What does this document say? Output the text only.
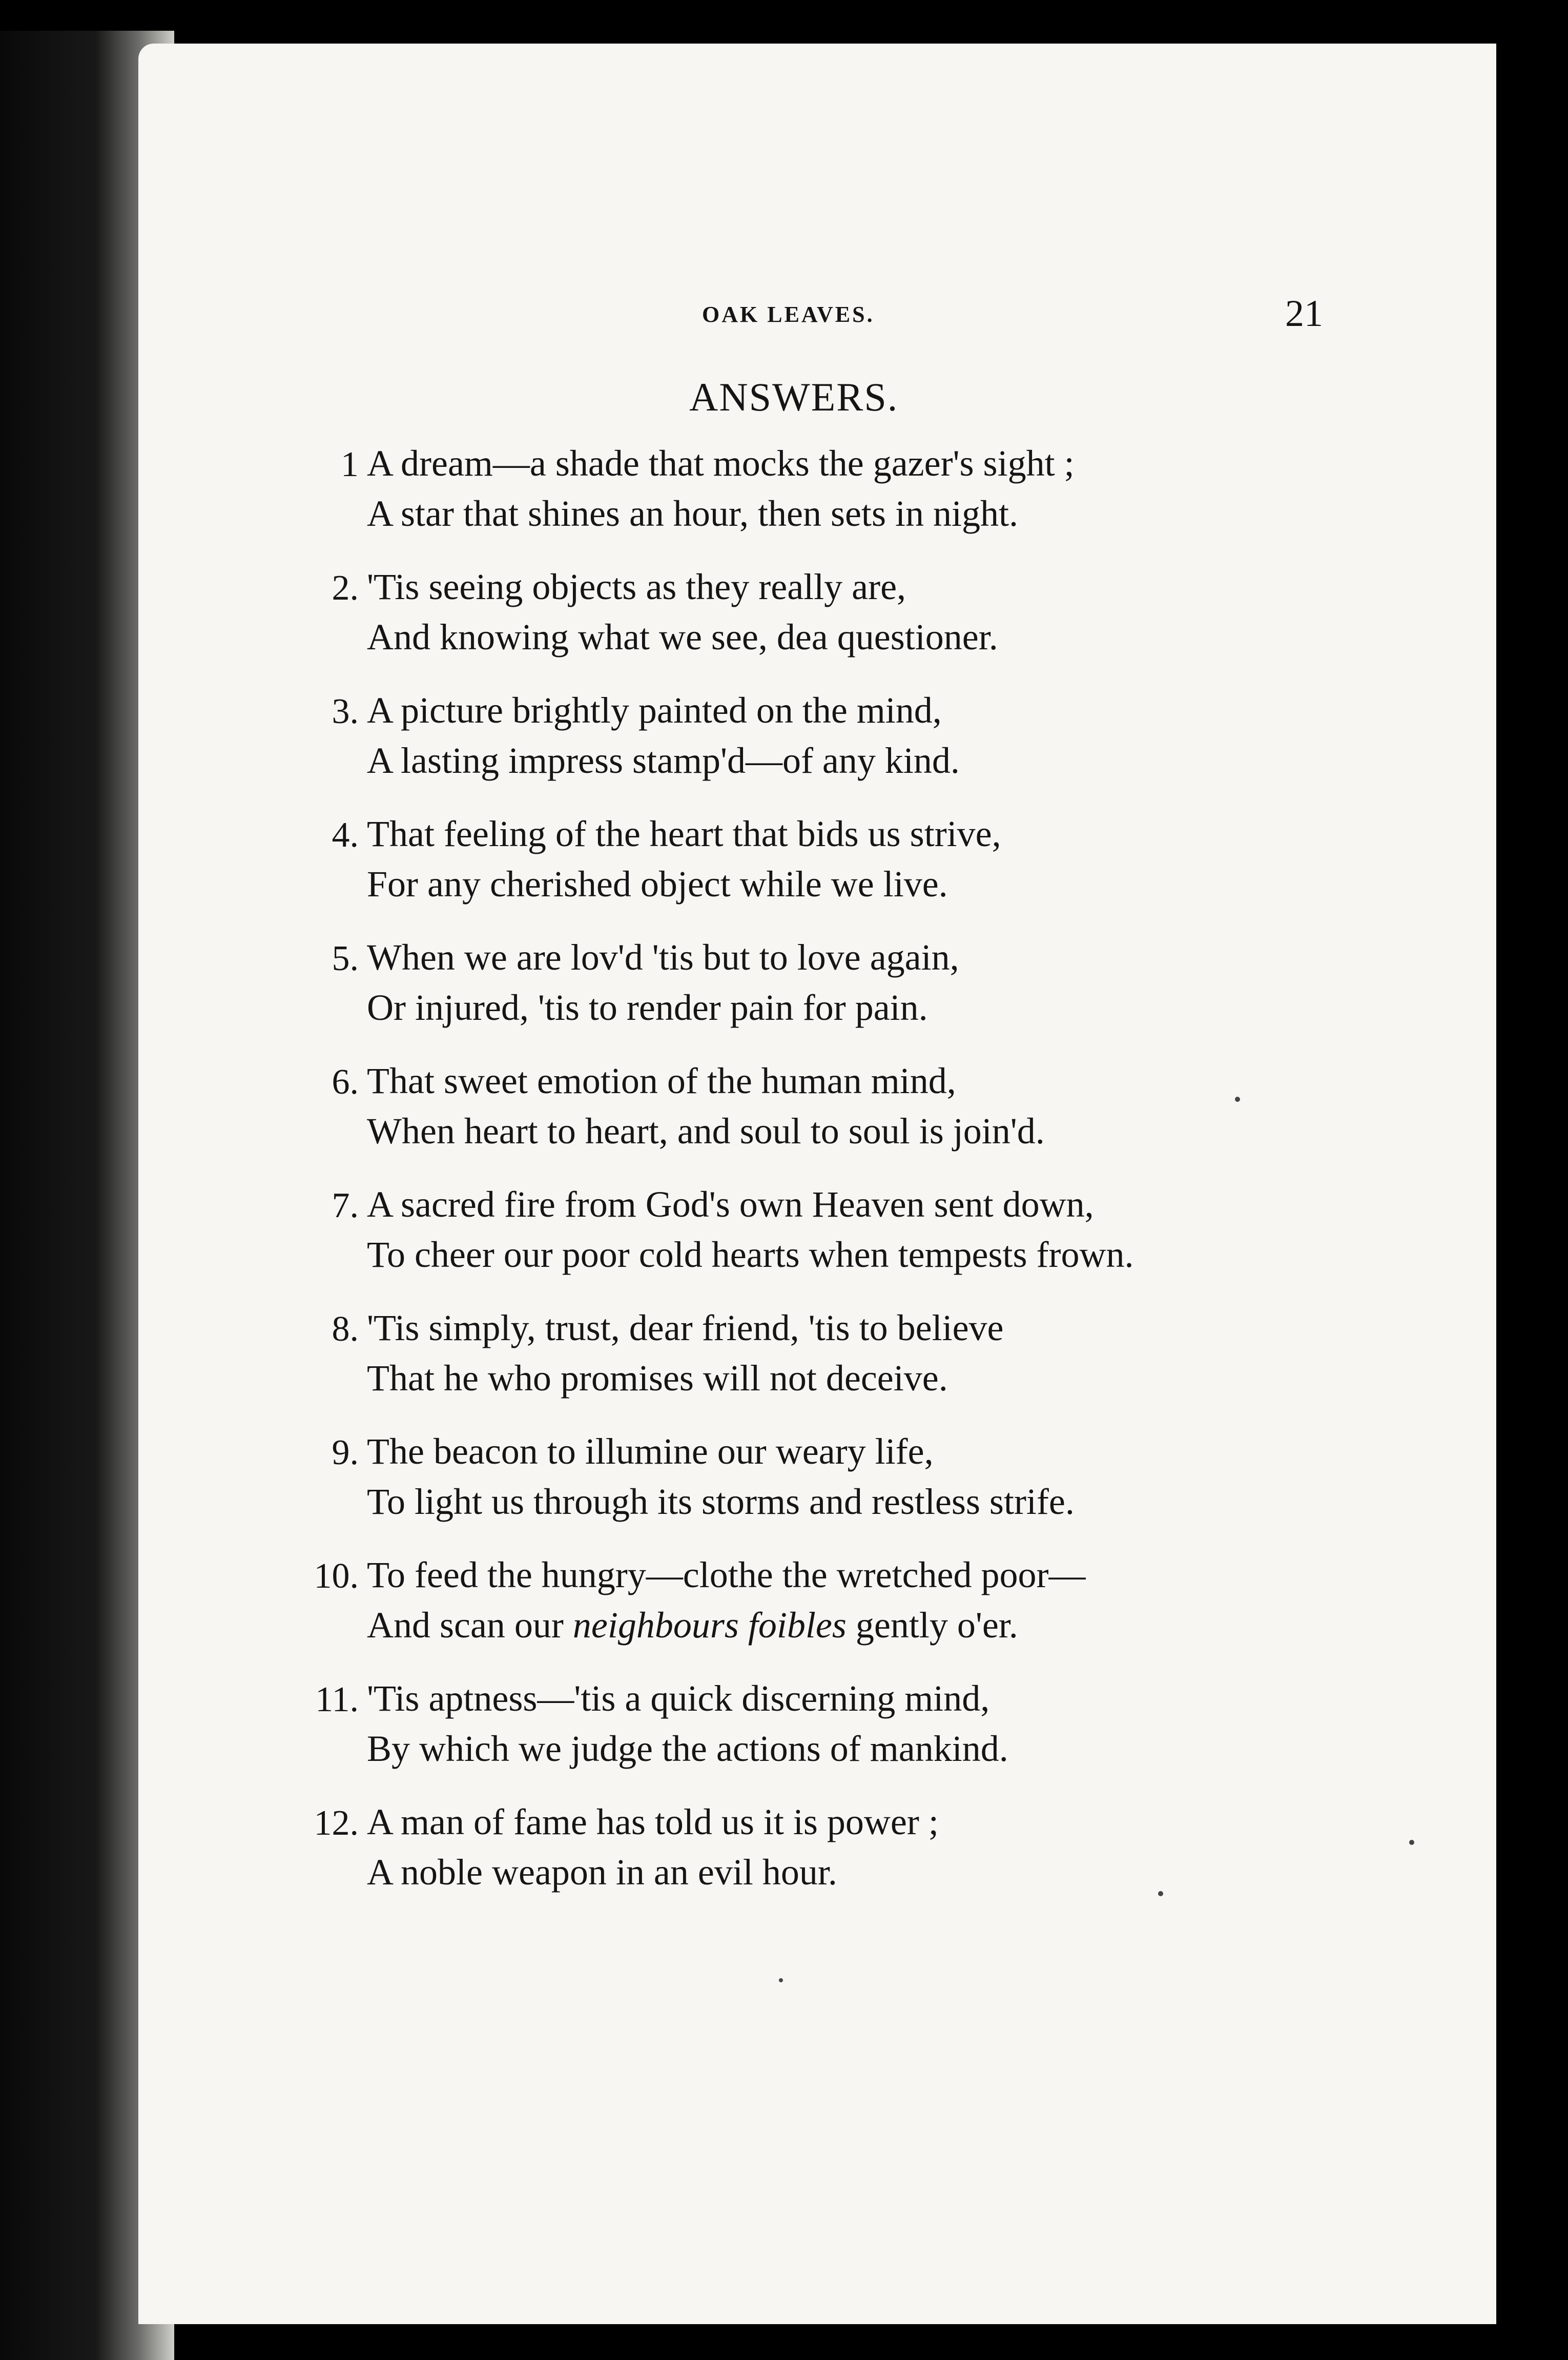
OAK LEAVES.	21
ANSWERS.
1 A dream—a shade that mocks the gazer's sight ;
A star that shines an hour, then sets in night.
2. 'Tis seeing objects as they really are,
And knowing what we see, dea questioner.
3. A picture brightly painted on the mind,
A lasting impress stamp'd—of any kind.
4. That feeling of the heart that bids us strive,
For any cherished object while we live.
5. When we are lov'd 'tis but to love again,
Or injured, 'tis to render pain for pain.
6. That sweet emotion of the human mind,
When heart to heart, and soul to soul is join'd.
7. A sacred fire from God's own Heaven sent down,
To cheer our poor cold hearts when tempests frown.
8. 'Tis simply, trust, dear friend, 'tis to believe
That he who promises will not deceive.
9. The beacon to illumine our weary life,
To light us through its storms and restless strife.
10. To feed the hungry—clothe the wretched poor—
And scan our neighbours foibles gently o'er.
11. 'Tis aptness—'tis a quick discerning mind,
By which we judge the actions of mankind.
12. A man of fame has told us it is power ;
A noble weapon in an evil hour.
